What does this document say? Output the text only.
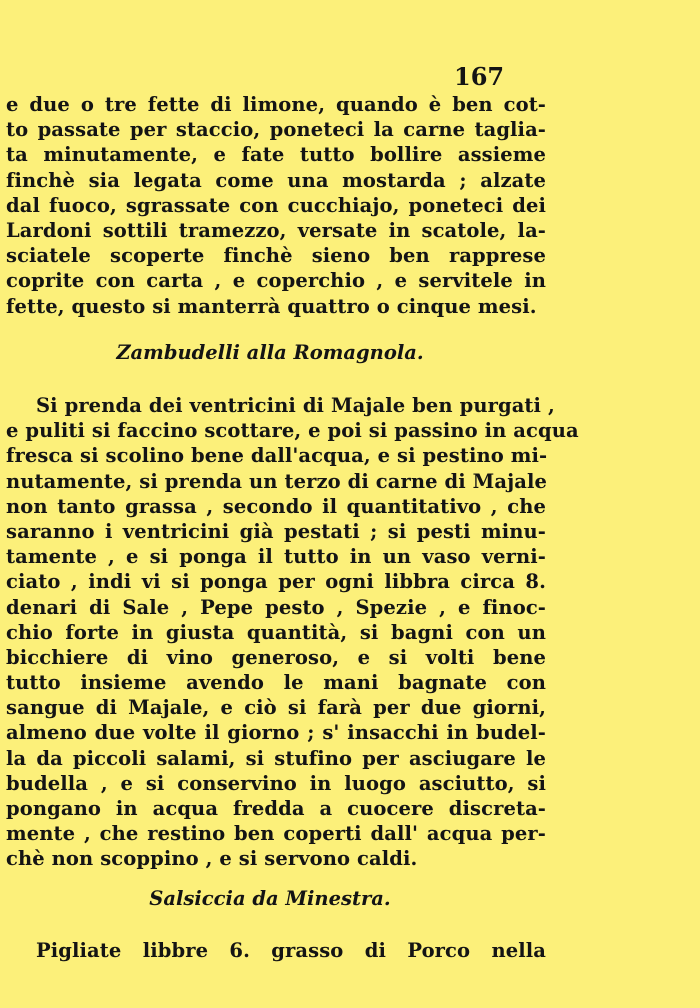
167
e due o tre fette di limone, quando è ben cot-
to passate per staccio, poneteci la carne taglia-
ta minutamente, e fate tutto bollire assieme
finchè sia legata come una mostarda ; alzate
dal fuoco, sgrassate con cucchiajo, poneteci dei
Lardoni sottili tramezzo, versate in scatole, la-
sciatele scoperte finchè sieno ben rapprese
coprite con carta , e coperchio , e servitele in
fette, questo si manterrà quattro o cinque mesi.
Zambudelli alla Romagnola.
Si prenda dei ventricini di Majale ben purgati ,
e puliti si faccino scottare, e poi si passino in acqua
fresca si scolino bene dall'acqua, e si pestino mi-
nutamente, si prenda un terzo di carne di Majale
non tanto grassa , secondo il quantitativo , che
saranno i ventricini già pestati ; si pesti minu-
tamente , e si ponga il tutto in un vaso verni-
ciato , indi vi si ponga per ogni libbra circa 8.
denari di Sale , Pepe pesto , Spezie , e finoc-
chio forte in giusta quantità, si bagni con un
bicchiere di vino generoso, e si volti bene
tutto insieme avendo le mani bagnate con
sangue di Majale, e ciò si farà per due giorni,
almeno due volte il giorno ; s' insacchi in budel-
la da piccoli salami, si stufino per asciugare le
budella , e si conservino in luogo asciutto, si
pongano in acqua fredda a cuocere discreta-
mente , che restino ben coperti dall' acqua per-
chè non scoppino , e si servono caldi.
Salsiccia da Minestra.
Pigliate libbre 6. grasso di Porco nella
